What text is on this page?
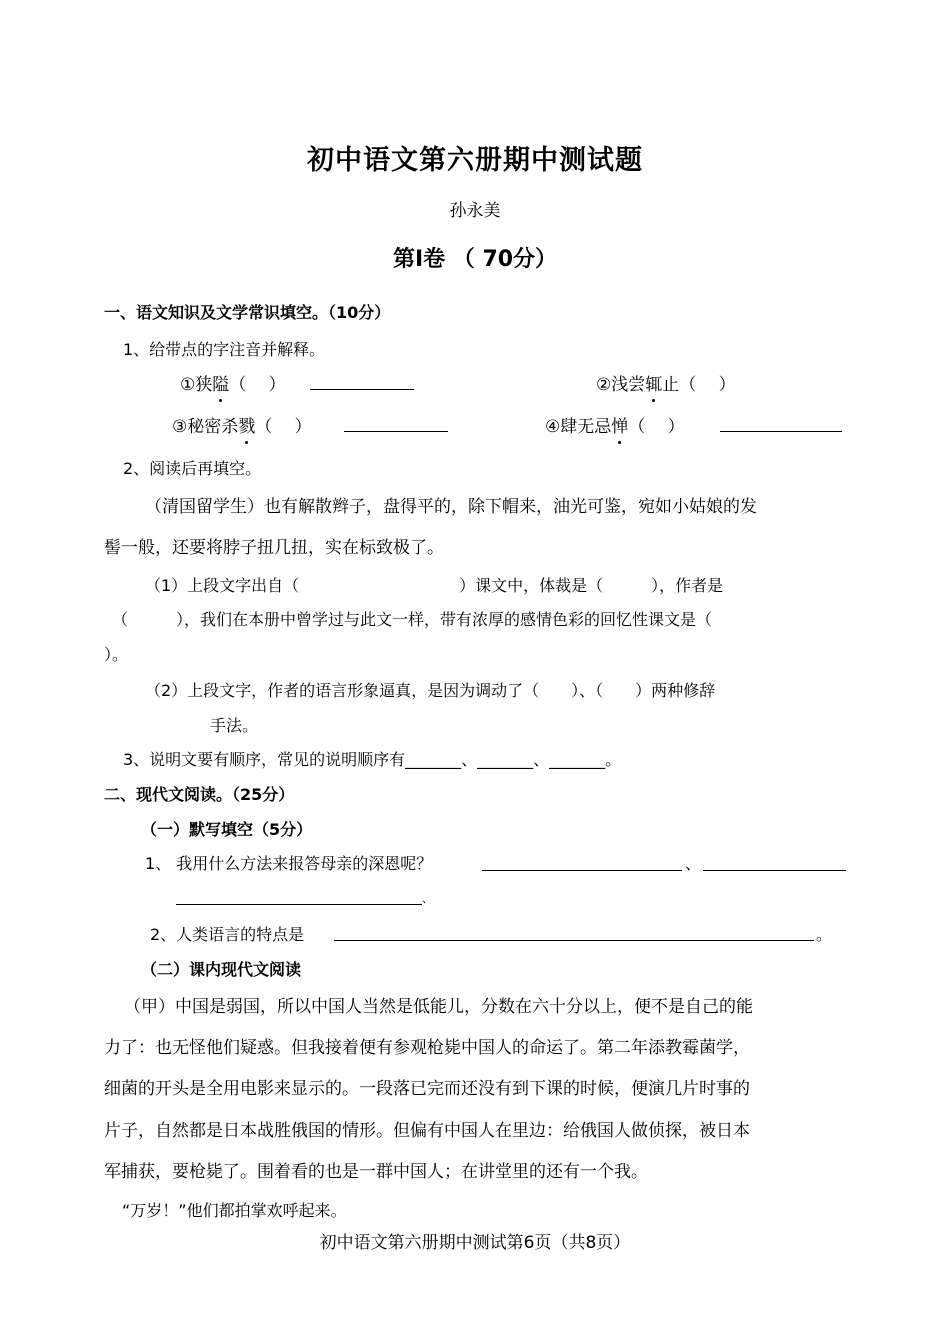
初中语文第六册期中测试题
孙永美
第Ⅰ卷 （ 70分）
一、语文知识及文学常识填空。（10分）
1、给带点的字注音并解释。
①狭隘（　 ）	②浅尝辄止（　 ）
③秘密杀戮（　 ）	④肆无忌惮（　 ）
2、阅读后再填空。
（清国留学生）也有解散辫子，盘得平的，除下帽来，油光可鉴，宛如小姑娘的发
髻一般，还要将脖子扭几扭，实在标致极了。
（1）上段文字出自（　　　　　　　　　　）课文中，体裁是（　　　），作者是
（　　　），我们在本册中曾学过与此文一样，带有浓厚的感情色彩的回忆性课文是（
）。
（2）上段文字，作者的语言形象逼真，是因为调动了（　　）、（　　）两种修辞
手法。
3、说明文要有顺序，常见的说明顺序有_______、_______、_______。
二、现代文阅读。（25分）
（一）默写填空（5分）
1、 我用什么方法来报答母亲的深恩呢？	、
、
2、人类语言的特点是	。
（二）课内现代文阅读
（甲）中国是弱国，所以中国人当然是低能儿，分数在六十分以上，便不是自己的能
力了：也无怪他们疑惑。但我接着便有参观枪毙中国人的命运了。第二年添教霉菌学，
细菌的开头是全用电影来显示的。一段落已完而还没有到下课的时候，便演几片时事的
片子，自然都是日本战胜俄国的情形。但偏有中国人在里边：给俄国人做侦探，被日本
军捕获，要枪毙了。围着看的也是一群中国人；在讲堂里的还有一个我。
“万岁！”他们都拍掌欢呼起来。
初中语文第六册期中测试第6页（共8页）
